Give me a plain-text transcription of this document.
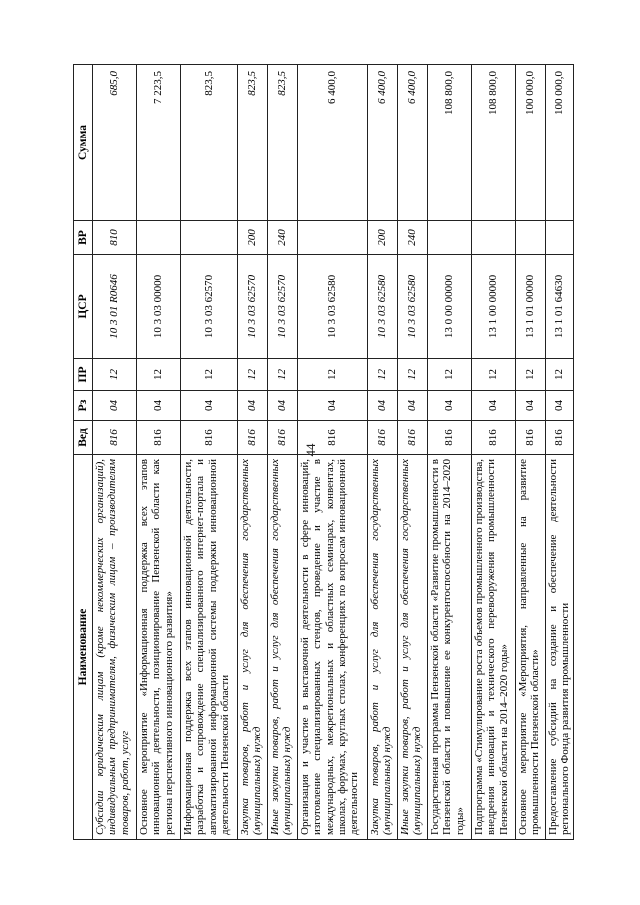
44
Наименование	Вед	Рз	ПР	ЦСР	ВР	Сумма
Субсидии юридическим лицам (кроме некоммерческих организаций), индивидуальным предпринимателям, физическим лицам – производителям товаров, работ, услуг	816	04	12	10 3 01 R0646	810	685,0
Основное мероприятие «Информационная поддержка всех этапов инновационной деятельности, позиционирование Пензенской области как региона перспективного инновационного развития»	816	04	12	10 3 03 00000		7 223,5
Информационная поддержка всех этапов инновационной деятельности, разработка и сопровождение специализированного интернет-портала и автоматизированной информационной системы поддержки инновационной деятельности Пензенской области	816	04	12	10 3 03 62570		823,5
Закупка товаров, работ и услуг для обеспечения государственных (муниципальных) нужд	816	04	12	10 3 03 62570	200	823,5
Иные закупки товаров, работ и услуг для обеспечения государственных (муниципальных) нужд	816	04	12	10 3 03 62570	240	823,5
Организация и участие в выставочной деятельности в сфере инноваций, изготовление специализированных стендов, проведение и участие в международных, межрегиональных и областных семинарах, конвентах, школах, форумах, круглых столах, конференциях по вопросам инновационной деятельности	816	04	12	10 3 03 62580		6 400,0
Закупка товаров, работ и услуг для обеспечения государственных (муниципальных) нужд	816	04	12	10 3 03 62580	200	6 400,0
Иные закупки товаров, работ и услуг для обеспечения государственных (муниципальных) нужд	816	04	12	10 3 03 62580	240	6 400,0
Государственная программа Пензенской области «Развитие промышленности в Пензенской области и повышение ее конкурентоспособности на 2014–2020 годы»	816	04	12	13 0 00 00000		108 800,0
Подпрограмма «Стимулирование роста объемов промышленного производства, внедрения инноваций и технического перевооружения промышленности Пензенской области на 2014–2020 годы»	816	04	12	13 1 00 00000		108 800,0
Основное мероприятие «Мероприятия, направленные на развитие промышленности Пензенской области»	816	04	12	13 1 01 00000		100 000,0
Предоставление субсидий на создание и обеспечение деятельности регионального Фонда развития промышленности	816	04	12	13 1 01 64630		100 000,0
